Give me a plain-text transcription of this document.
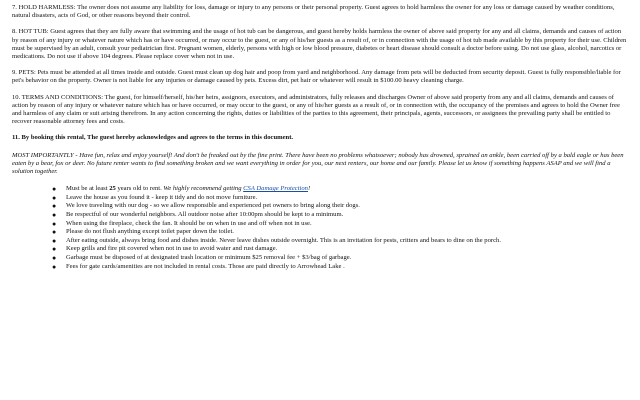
7. HOLD HARMLESS: The owner does not assume any liability for loss, damage or injury to any persons or their personal property. Guest agrees to hold harmless the owner for any loss or damage caused by weather conditions, natural disasters, acts of God, or other reasons beyond their control.

8. HOT TUB: Guest agrees that they are fully aware that swimming and the usage of hot tub can be dangerous, and guest hereby holds harmless the owner of above said property for any and all claims, demands and causes of action by reason of any injury or whatever nature which has or have occurred, or may occur to the guest, or any of his/her guests as a result of, or in connection with the usage of hot tub made available by this property for their use. Children must be supervised by an adult, consult your pediatrician first. Pregnant women, elderly, persons with high or low blood pressure, diabetes or heart disease should consult a doctor before using. Do not use glass, alcohol, narcotics or medications. Do not use if above 104 degrees. Please replace cover when not in use.

9. PETS: Pets must be attended at all times inside and outside. Guest must clean up dog hair and poop from yard and neighborhood. Any damage from pets will be deducted from security deposit. Guest is fully responsible/liable for pet's behavior on the property. Owner is not liable for any injuries or damage caused by pets. Excess dirt, pet hair or whatever will result in $100.00 heavy cleaning charge.

10. TERMS AND CONDITIONS: The guest, for himself/herself, his/her heirs, assignors, executors, and administrators, fully releases and discharges Owner of above said property from any and all claims, demands and causes of action by reason of any injury or whatever nature which has or have occurred, or may occur to the guest, or any of his/her guests as a result of, or in connection with, the occupancy of the premises and agrees to hold the Owner free and harmless of any claim or suit arising therefrom. In any action concerning the rights, duties or liabilities of the parties to this agreement, their principals, agents, successors, or assignees the prevailing party shall be entitled to recover reasonable attorney fees and costs.

11. By booking this rental, The guest hereby acknowledges and agrees to the terms in this document.

MOST IMPORTANTLY - Have fun, relax and enjoy yourself! And don't be freaked out by the fine print. There have been no problems whatsoever; nobody has drowned, sprained an ankle, been carried off by a bald eagle or has been eaten by a bear, fox or deer. No future renter wants to find something broken and we want everything in order for you, our next renters, our home and our family. Please let us know if something happens ASAP and we will find a solution together.

● Must be at least 25 years old to rent. We highly recommend getting CSA Damage Protection!
● Leave the house as you found it - keep it tidy and do not move furniture.
● We love traveling with our dog - so we allow responsible and experienced pet owners to bring along their dogs.
● Be respectful of our wonderful neighbors. All outdoor noise after 10:00pm should be kept to a minimum.
● When using the fireplace, check the fan. It should be on when in use and off when not in use.
● Please do not flush anything except toilet paper down the toilet.
● After eating outside, always bring food and dishes inside. Never leave dishes outside overnight. This is an invitation for pests, critters and bears to dine on the porch.
● Keep grills and fire pit covered when not in use to avoid water and rust damage.
● Garbage must be disposed of at designated trash location or minimum $25 removal fee + $3/bag of garbage.
● Fees for gate cards/amenities are not included in rental costs. Those are paid directly to Arrowhead Lake .
